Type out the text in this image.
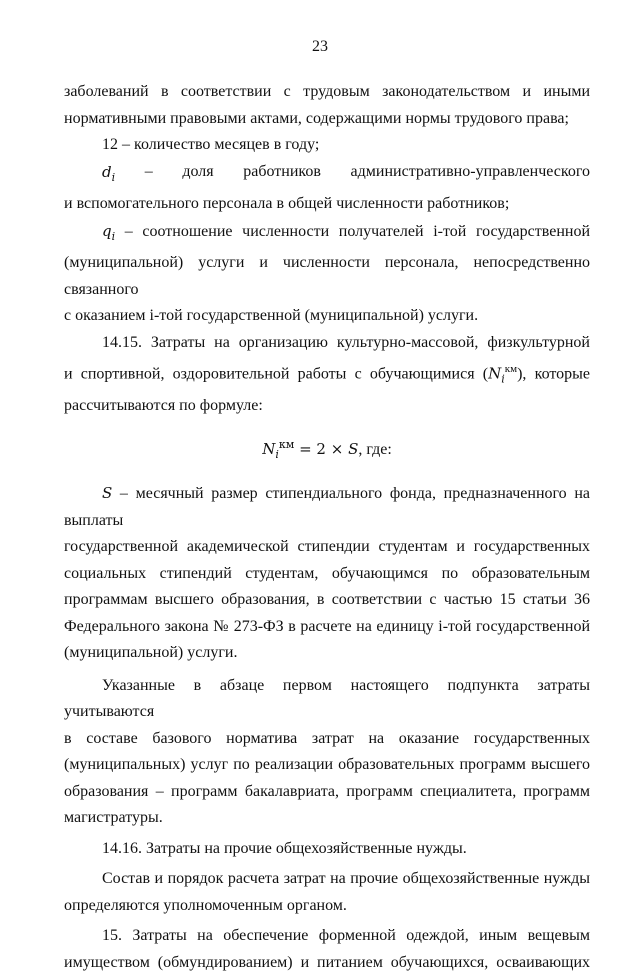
23
заболеваний в соответствии с трудовым законодательством и иными
нормативными правовыми актами, содержащими нормы трудового права;
12 – количество месяцев в году;
$d_i$ – доля работников административно-управленческого
и вспомогательного персонала в общей численности работников;
$q_i$ – соотношение численности получателей i-той государственной
(муниципальной) услуги и численности персонала, непосредственно связанного
с оказанием i-той государственной (муниципальной) услуги.
14.15. Затраты на организацию культурно-массовой, физкультурной
и спортивной, оздоровительной работы с обучающимися $(N_i^{км})$, которые
рассчитываются по формуле:
$N_i^{км} = 2 \times S$, где:
S – месячный размер стипендиального фонда, предназначенного на выплаты
государственной академической стипендии студентам и государственных
социальных стипендий студентам, обучающимся по образовательным
программам высшего образования, в соответствии с частью 15 статьи 36
Федерального закона № 273-ФЗ в расчете на единицу i-той государственной
(муниципальной) услуги.
Указанные в абзаце первом настоящего подпункта затраты учитываются
в составе базового норматива затрат на оказание государственных
(муниципальных) услуг по реализации образовательных программ высшего
образования – программ бакалавриата, программ специалитета, программ
магистратуры.
14.16. Затраты на прочие общехозяйственные нужды.
Состав и порядок расчета затрат на прочие общехозяйственные нужды
определяются уполномоченным органом.
15. Затраты на обеспечение форменной одеждой, иным вещевым
имуществом (обмундированием) и питанием обучающихся, осваивающих
